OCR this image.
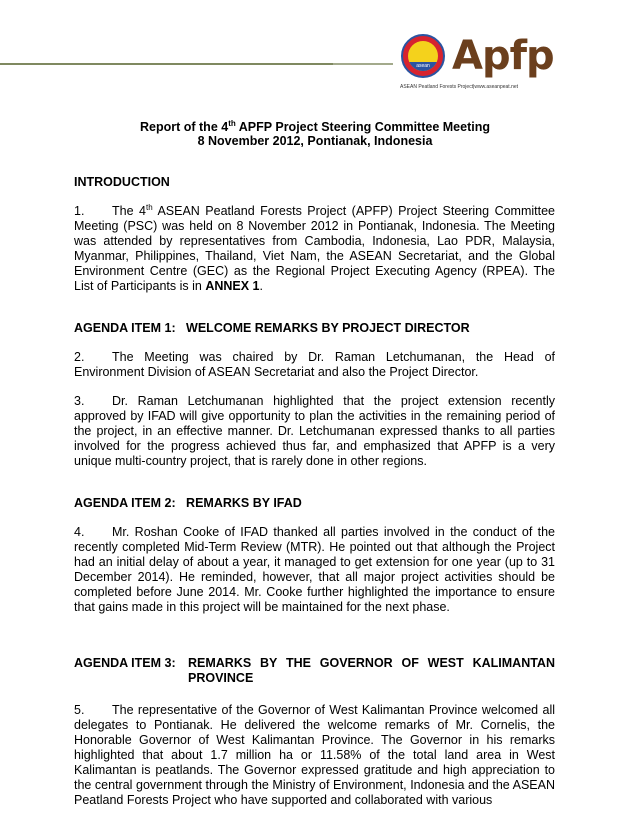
asean Apfp
ASEAN Peatland Forests Project|www.aseanpeat.net
Report of the 4th APFP Project Steering Committee Meeting
8 November 2012, Pontianak, Indonesia
INTRODUCTION
1. The 4th ASEAN Peatland Forests Project (APFP) Project Steering Committee Meeting (PSC) was held on 8 November 2012 in Pontianak, Indonesia. The Meeting was attended by representatives from Cambodia, Indonesia, Lao PDR, Malaysia, Myanmar, Philippines, Thailand, Viet Nam, the ASEAN Secretariat, and the Global Environment Centre (GEC) as the Regional Project Executing Agency (RPEA). The List of Participants is in ANNEX 1.
AGENDA ITEM 1:   WELCOME REMARKS BY PROJECT DIRECTOR
2. The Meeting was chaired by Dr. Raman Letchumanan, the Head of Environment Division of ASEAN Secretariat and also the Project Director.
3. Dr. Raman Letchumanan highlighted that the project extension recently approved by IFAD will give opportunity to plan the activities in the remaining period of the project, in an effective manner. Dr. Letchumanan expressed thanks to all parties involved for the progress achieved thus far, and emphasized that APFP is a very unique multi-country project, that is rarely done in other regions.
AGENDA ITEM 2:   REMARKS BY IFAD
4. Mr. Roshan Cooke of IFAD thanked all parties involved in the conduct of the recently completed Mid-Term Review (MTR). He pointed out that although the Project had an initial delay of about a year, it managed to get extension for one year (up to 31 December 2014). He reminded, however, that all major project activities should be completed before June 2014. Mr. Cooke further highlighted the importance to ensure that gains made in this project will be maintained for the next phase.
AGENDA ITEM 3: REMARKS BY THE GOVERNOR OF WEST KALIMANTAN PROVINCE
5. The representative of the Governor of West Kalimantan Province welcomed all delegates to Pontianak. He delivered the welcome remarks of Mr. Cornelis, the Honorable Governor of West Kalimantan Province. The Governor in his remarks highlighted that about 1.7 million ha or 11.58% of the total land area in West Kalimantan is peatlands. The Governor expressed gratitude and high appreciation to the central government through the Ministry of Environment, Indonesia and the ASEAN Peatland Forests Project who have supported and collaborated with various
